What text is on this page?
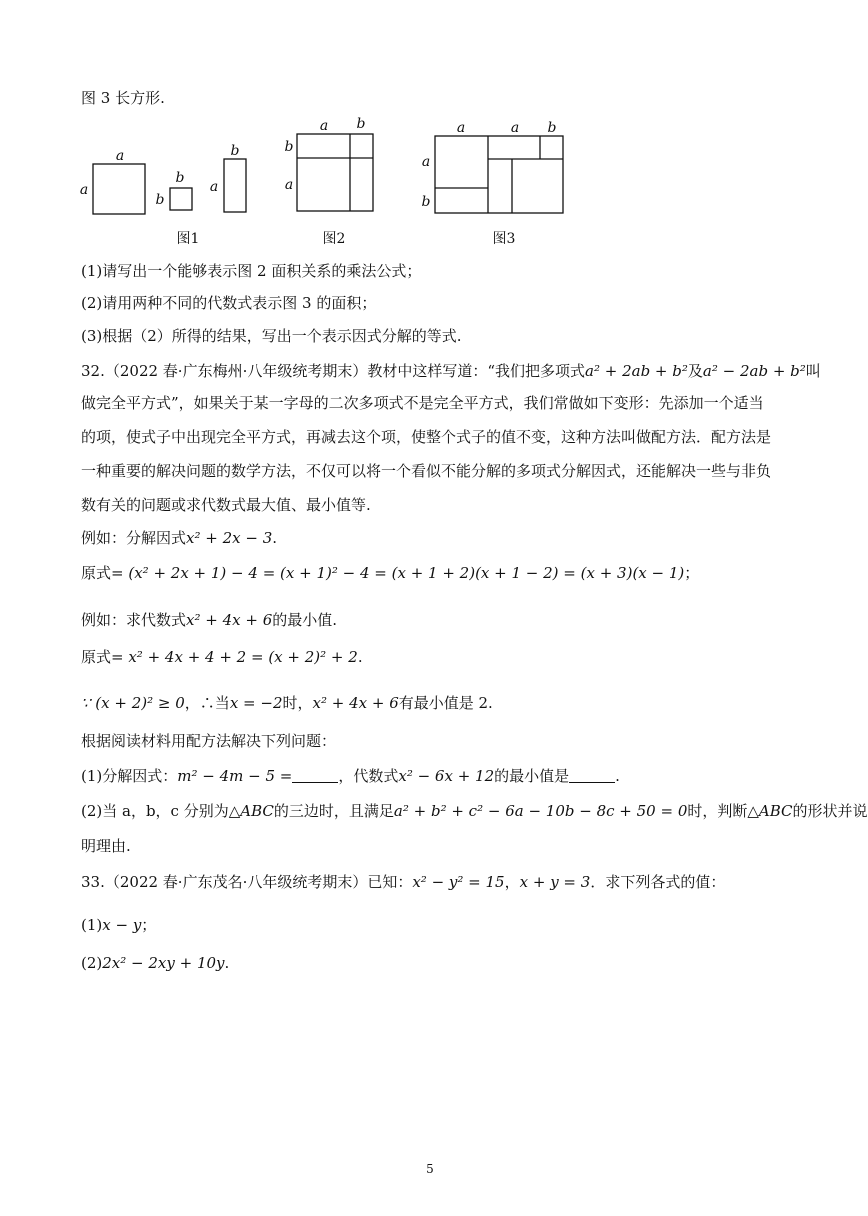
图 3 长方形.
a
a
b
b
b
a
图1
a b
b
a
图2
a	a b
a
b
图3
(1)请写出一个能够表示图 2 面积关系的乘法公式；
(2)请用两种不同的代数式表示图 3 的面积；
(3)根据（2）所得的结果，写出一个表示因式分解的等式.
32.（2022 春·广东梅州·八年级统考期末）教材中这样写道：“我们把多项式a² + 2ab + b²及a² − 2ab + b²叫
做完全平方式”，如果关于某一字母的二次多项式不是完全平方式，我们常做如下变形：先添加一个适当
的项，使式子中出现完全平方式，再减去这个项，使整个式子的值不变，这种方法叫做配方法．配方法是
一种重要的解决问题的数学方法，不仅可以将一个看似不能分解的多项式分解因式，还能解决一些与非负
数有关的问题或求代数式最大值、最小值等.
例如：分解因式x² + 2x − 3.
原式= (x² + 2x + 1) − 4 = (x + 1)² − 4 = (x + 1 + 2)(x + 1 − 2) = (x + 3)(x − 1)；
例如：求代数式x² + 4x + 6的最小值.
原式= x² + 4x + 4 + 2 = (x + 2)² + 2.
∵ (x + 2)² ≥ 0，∴当x = −2时，x² + 4x + 6有最小值是 2.
根据阅读材料用配方法解决下列问题：
(1)分解因式：m² − 4m − 5 =	，代数式x² − 6x + 12的最小值是	.
(2)当 a，b，c 分别为△ABC的三边时，且满足a² + b² + c² − 6a − 10b − 8c + 50 = 0时，判断△ABC的形状并说
明理由.
33.（2022 春·广东茂名·八年级统考期末）已知：x² − y² = 15，x + y = 3．求下列各式的值：
(1)x − y；
(2)2x² − 2xy + 10y.
5
